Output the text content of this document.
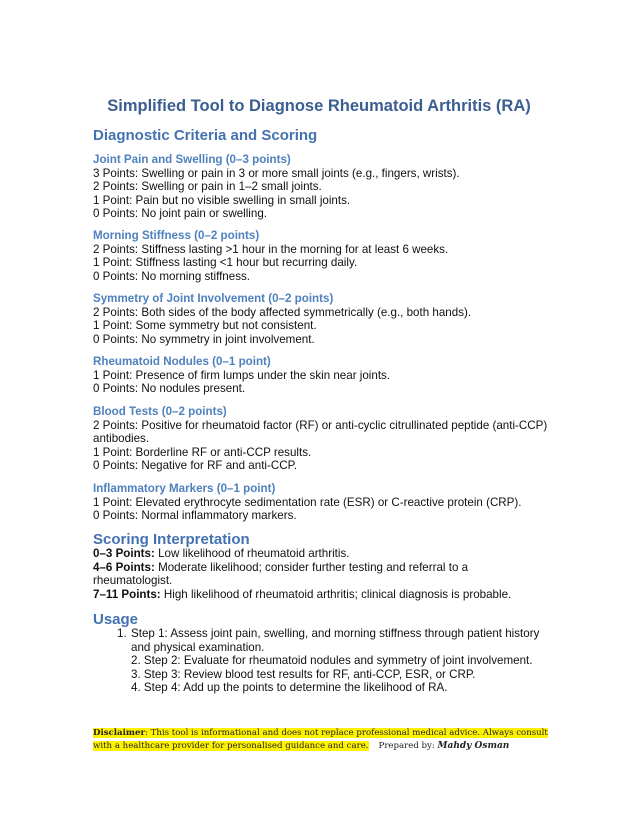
Simplified Tool to Diagnose Rheumatoid Arthritis (RA)
Diagnostic Criteria and Scoring
Joint Pain and Swelling (0–3 points)
3 Points: Swelling or pain in 3 or more small joints (e.g., fingers, wrists).
2 Points: Swelling or pain in 1–2 small joints.
1 Point: Pain but no visible swelling in small joints.
0 Points: No joint pain or swelling.
Morning Stiffness (0–2 points)
2 Points: Stiffness lasting >1 hour in the morning for at least 6 weeks.
1 Point: Stiffness lasting <1 hour but recurring daily.
0 Points: No morning stiffness.
Symmetry of Joint Involvement (0–2 points)
2 Points: Both sides of the body affected symmetrically (e.g., both hands).
1 Point: Some symmetry but not consistent.
0 Points: No symmetry in joint involvement.
Rheumatoid Nodules (0–1 point)
1 Point: Presence of firm lumps under the skin near joints.
0 Points: No nodules present.
Blood Tests (0–2 points)
2 Points: Positive for rheumatoid factor (RF) or anti-cyclic citrullinated peptide (anti-CCP) antibodies.
1 Point: Borderline RF or anti-CCP results.
0 Points: Negative for RF and anti-CCP.
Inflammatory Markers (0–1 point)
1 Point: Elevated erythrocyte sedimentation rate (ESR) or C-reactive protein (CRP).
0 Points: Normal inflammatory markers.
Scoring Interpretation
0–3 Points: Low likelihood of rheumatoid arthritis.
4–6 Points: Moderate likelihood; consider further testing and referral to a rheumatologist.
7–11 Points: High likelihood of rheumatoid arthritis; clinical diagnosis is probable.
Usage
1. Step 1: Assess joint pain, swelling, and morning stiffness through patient history and physical examination.
2. Step 2: Evaluate for rheumatoid nodules and symmetry of joint involvement.
3. Step 3: Review blood test results for RF, anti-CCP, ESR, or CRP.
4. Step 4: Add up the points to determine the likelihood of RA.
Disclaimer: This tool is informational and does not replace professional medical advice. Always consult with a healthcare provider for personalised guidance and care. Prepared by: Mahdy Osman
